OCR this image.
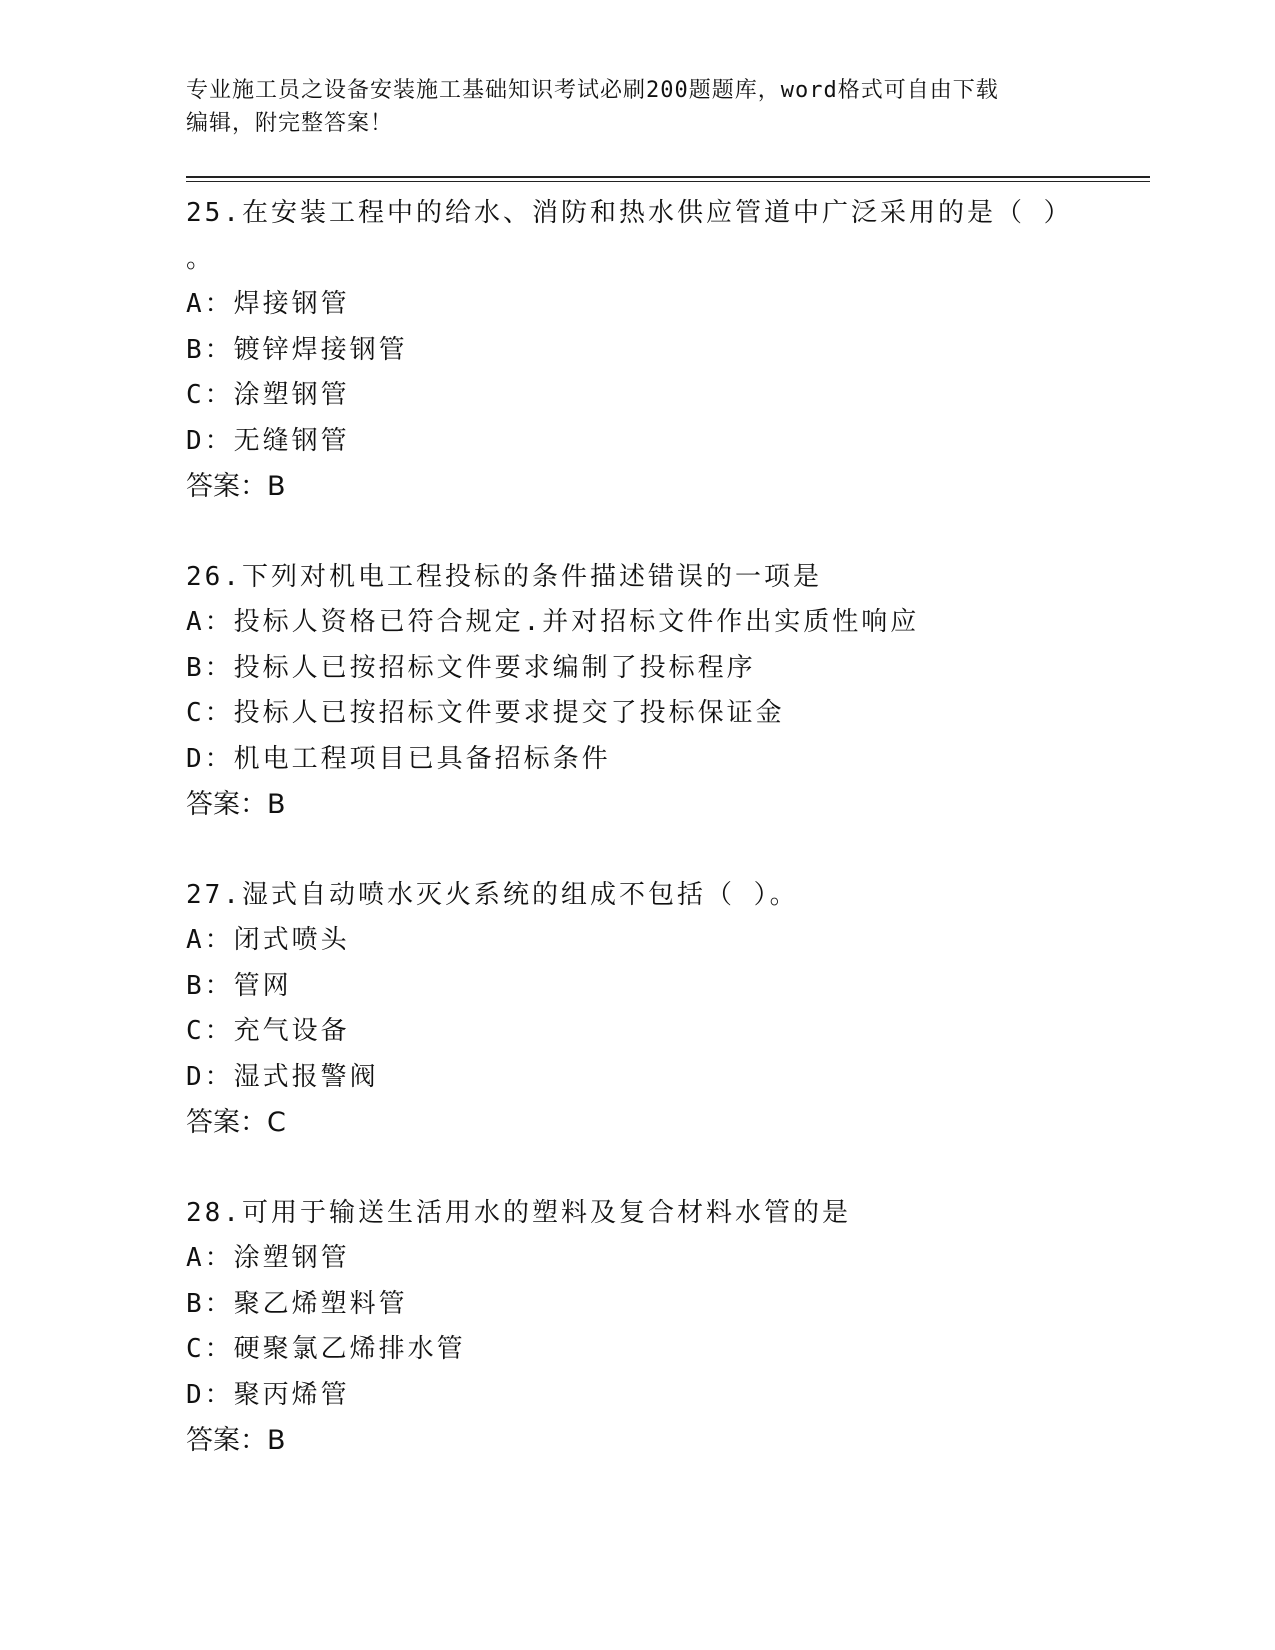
专业施工员之设备安装施工基础知识考试必刷200题题库，word格式可自由下载
编辑，附完整答案！
25.在安装工程中的给水、消防和热水供应管道中广泛采用的是（ ）
。
A：焊接钢管
B：镀锌焊接钢管
C：涂塑钢管
D：无缝钢管
答案：B
26.下列对机电工程投标的条件描述错误的一项是
A：投标人资格已符合规定.并对招标文件作出实质性响应
B：投标人已按招标文件要求编制了投标程序
C：投标人已按招标文件要求提交了投标保证金
D：机电工程项目已具备招标条件
答案：B
27.湿式自动喷水灭火系统的组成不包括（ ）。
A：闭式喷头
B：管网
C：充气设备
D：湿式报警阀
答案：C
28.可用于输送生活用水的塑料及复合材料水管的是
A：涂塑钢管
B：聚乙烯塑料管
C：硬聚氯乙烯排水管
D：聚丙烯管
答案：B
